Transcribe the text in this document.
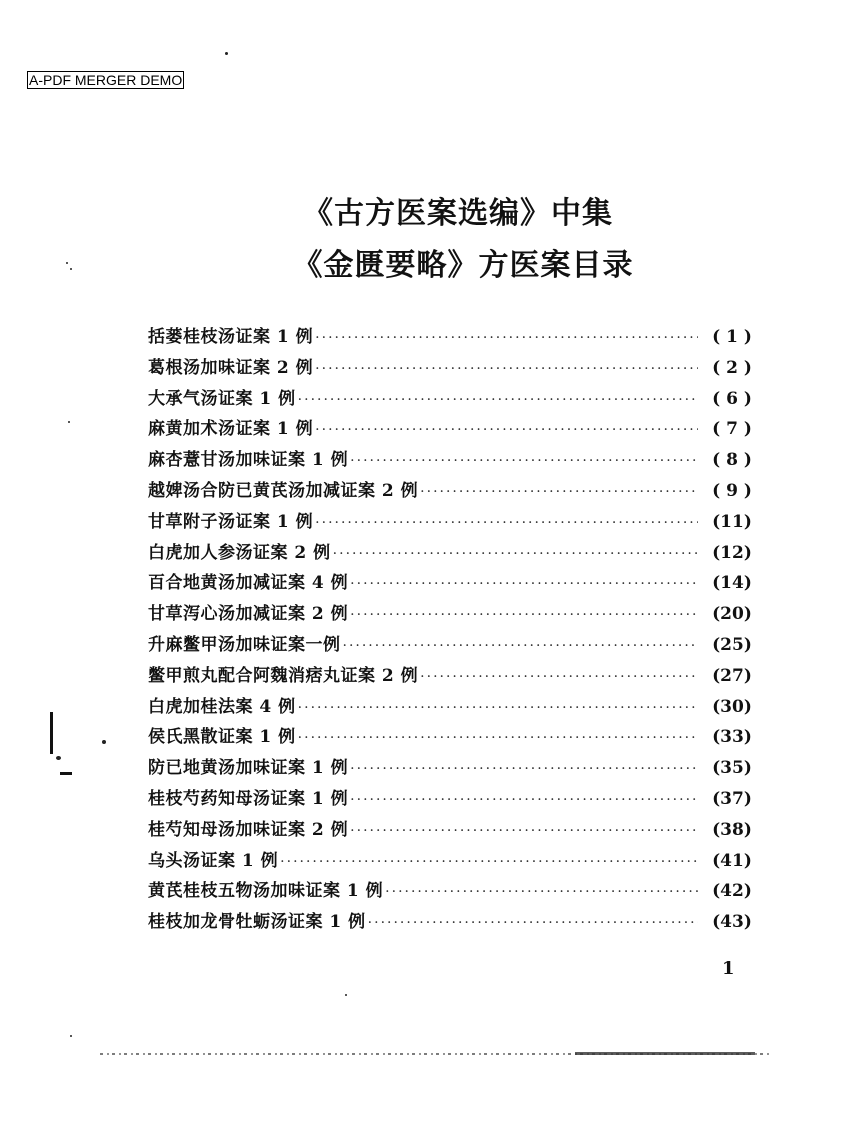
A-PDF MERGER DEMO
《古方医案选编》中集
《金匮要略》方医案目录
括蒌桂枝汤证案 1 例 ·····	( 1 )
葛根汤加味证案 2 例 ·····	( 2 )
大承气汤证案 1 例 ·····	( 6 )
麻黄加术汤证案 1 例 ·····	( 7 )
麻杏薏甘汤加味证案 1 例 ·····	( 8 )
越婢汤合防已黄芪汤加减证案 2 例 ·····	( 9 )
甘草附子汤证案 1 例 ·····	(11)
白虎加人参汤证案 2 例 ·····	(12)
百合地黄汤加减证案 4 例 ·····	(14)
甘草泻心汤加减证案 2 例 ·····	(20)
升麻鳖甲汤加味证案一例 ·····	(25)
鳖甲煎丸配合阿魏消痞丸证案 2 例 ·····	(27)
白虎加桂法案 4 例 ·····	(30)
侯氏黑散证案 1 例 ·····	(33)
防已地黄汤加味证案 1 例 ·····	(35)
桂枝芍药知母汤证案 1 例 ·····	(37)
桂芍知母汤加味证案 2 例 ·····	(38)
乌头汤证案 1 例 ·····	(41)
黄芪桂枝五物汤加味证案 1 例 ·····	(42)
桂枝加龙骨牡蛎汤证案 1 例 ·····	(43)
1
